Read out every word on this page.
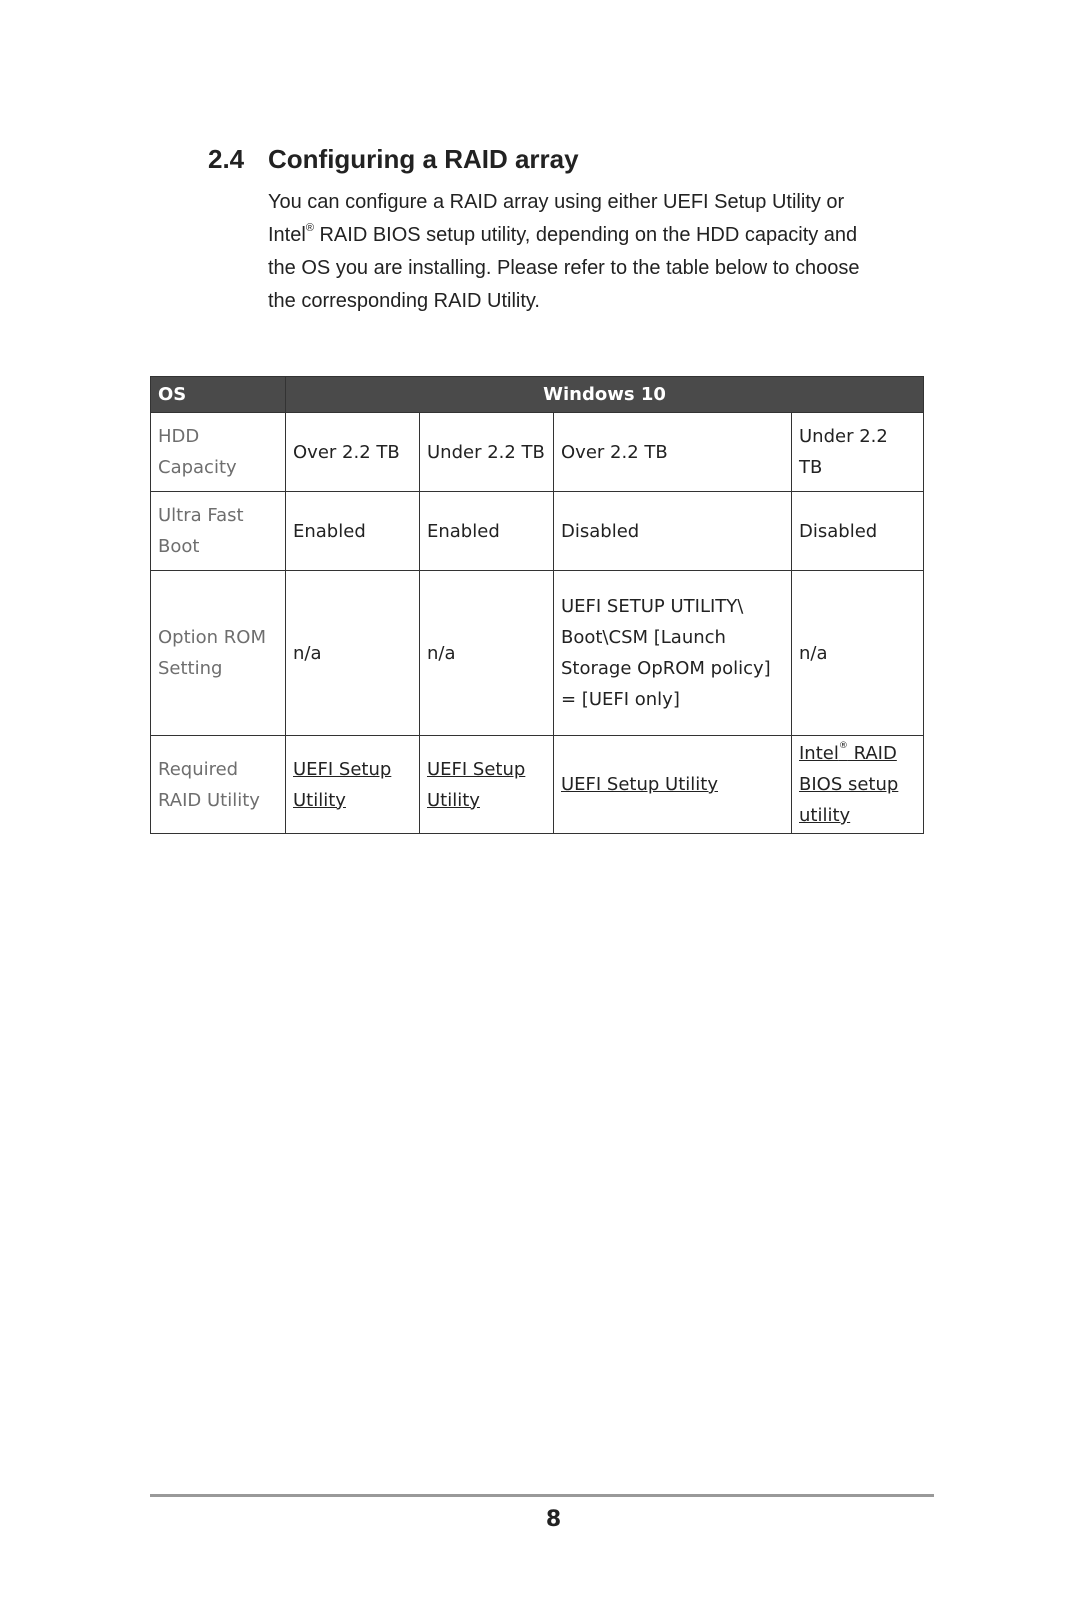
2.4 Configuring a RAID array

You can configure a RAID array using either UEFI Setup Utility or Intel® RAID BIOS setup utility, depending on the HDD capacity and the OS you are installing. Please refer to the table below to choose the corresponding RAID Utility.

OS	Windows 10			
HDD Capacity	Over 2.2 TB	Under 2.2 TB	Over 2.2 TB	Under 2.2 TB
Ultra Fast Boot	Enabled	Enabled	Disabled	Disabled
Option ROM Setting	n/a	n/a	UEFI SETUP UTILITY\ Boot\CSM [Launch Storage OpROM policy] = [UEFI only]	n/a
Required RAID Utility	UEFI Setup Utility	UEFI Setup Utility	UEFI Setup Utility	Intel® RAID BIOS setup utility
8
